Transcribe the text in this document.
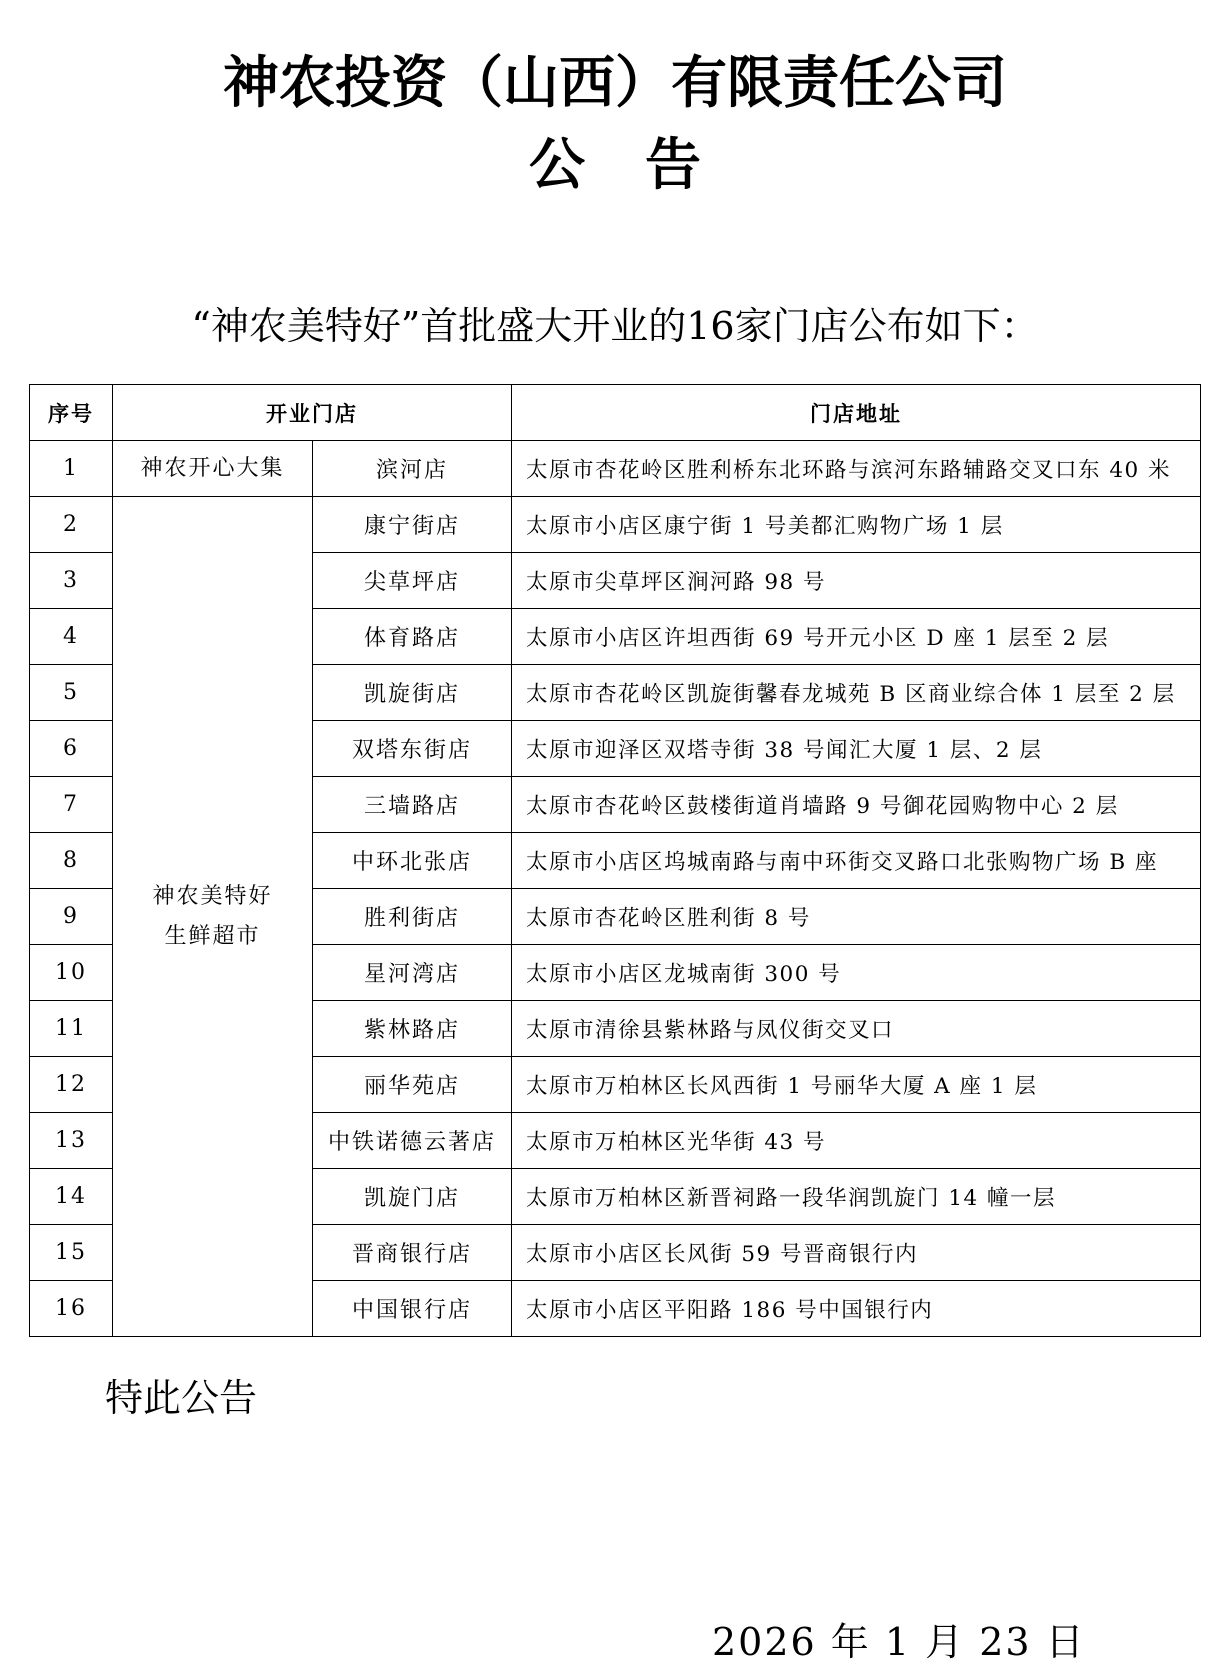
神农投资（山西）有限责任公司
公告
“神农美特好”首批盛大开业的16家门店公布如下：
序号	开业门店		门店地址
1	神农开心大集	滨河店	太原市杏花岭区胜利桥东北环路与滨河东路辅路交叉口东 40 米
2	神农美特好
生鲜超市	康宁街店	太原市小店区康宁街 1 号美都汇购物广场 1 层
3		尖草坪店	太原市尖草坪区涧河路 98 号
4		体育路店	太原市小店区许坦西街 69 号开元小区 D 座 1 层至 2 层
5		凯旋街店	太原市杏花岭区凯旋街馨春龙城苑 B 区商业综合体 1 层至 2 层
6		双塔东街店	太原市迎泽区双塔寺街 38 号闻汇大厦 1 层、2 层
7		三墙路店	太原市杏花岭区鼓楼街道肖墙路 9 号御花园购物中心 2 层
8		中环北张店	太原市小店区坞城南路与南中环街交叉路口北张购物广场 B 座
9		胜利街店	太原市杏花岭区胜利街 8 号
10		星河湾店	太原市小店区龙城南街 300 号
11		紫林路店	太原市清徐县紫林路与凤仪街交叉口
12		丽华苑店	太原市万柏林区长风西街 1 号丽华大厦 A 座 1 层
13		中铁诺德云著店	太原市万柏林区光华街 43 号
14		凯旋门店	太原市万柏林区新晋祠路一段华润凯旋门 14 幢一层
15		晋商银行店	太原市小店区长风街 59 号晋商银行内
16		中国银行店	太原市小店区平阳路 186 号中国银行内
特此公告
2026 年 1 月 23 日
